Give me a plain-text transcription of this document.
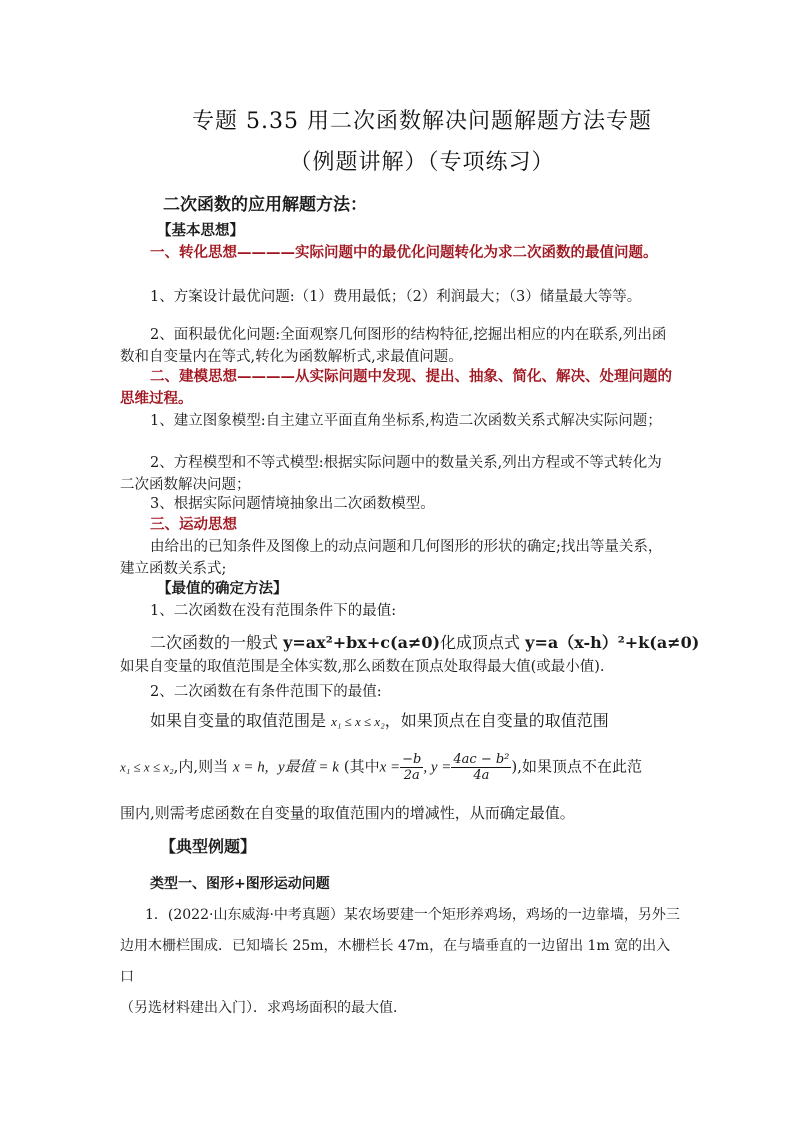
专题 5.35 用二次函数解决问题解题方法专题
（例题讲解）（专项练习）
二次函数的应用解题方法：
【基本思想】
一、转化思想————实际问题中的最优化问题转化为求二次函数的最值问题。
1、方案设计最优问题:（1）费用最低；（2）利润最大；（3）储量最大等等。
2、面积最优化问题:全面观察几何图形的结构特征,挖掘出相应的内在联系,列出函数和自变量内在等式,转化为函数解析式,求最值问题。
二、建模思想————从实际问题中发现、提出、抽象、简化、解决、处理问题的思维过程。
1、建立图象模型:自主建立平面直角坐标系,构造二次函数关系式解决实际问题；
2、方程模型和不等式模型:根据实际问题中的数量关系,列出方程或不等式转化为二次函数解决问题；
3、根据实际问题情境抽象出二次函数模型。
三、运动思想
由给出的已知条件及图像上的动点问题和几何图形的形状的确定;找出等量关系，建立函数关系式;
【最值的确定方法】
1、二次函数在没有范围条件下的最值:
二次函数的一般式 y=ax²+bx+c(a≠0)化成顶点式 y=a（x-h）²+k(a≠0)
如果自变量的取值范围是全体实数,那么函数在顶点处取得最大值(或最小值).
2、二次函数在有条件范围下的最值:
如果自变量的取值范围是 x₁ ≤ x ≤ x₂，如果顶点在自变量的取值范围
x₁ ≤ x ≤ x₂,内,则当 x = h, y最值 = k (其中$x = \frac{-b}{2a}$ , $y = \frac{\text{4ac − b²}}{4a}$ ),如果顶点不在此范
围内,则需考虑函数在自变量的取值范围内的增减性，从而确定最值。
【典型例题】
类型一、图形+图形运动问题
1．(2022·山东威海·中考真题）某农场要建一个矩形养鸡场，鸡场的一边靠墙，另外三
边用木栅栏围成．已知墙长 25m，木栅栏长 47m，在与墙垂直的一边留出 1m 宽的出入口
（另选材料建出入门）．求鸡场面积的最大值．
